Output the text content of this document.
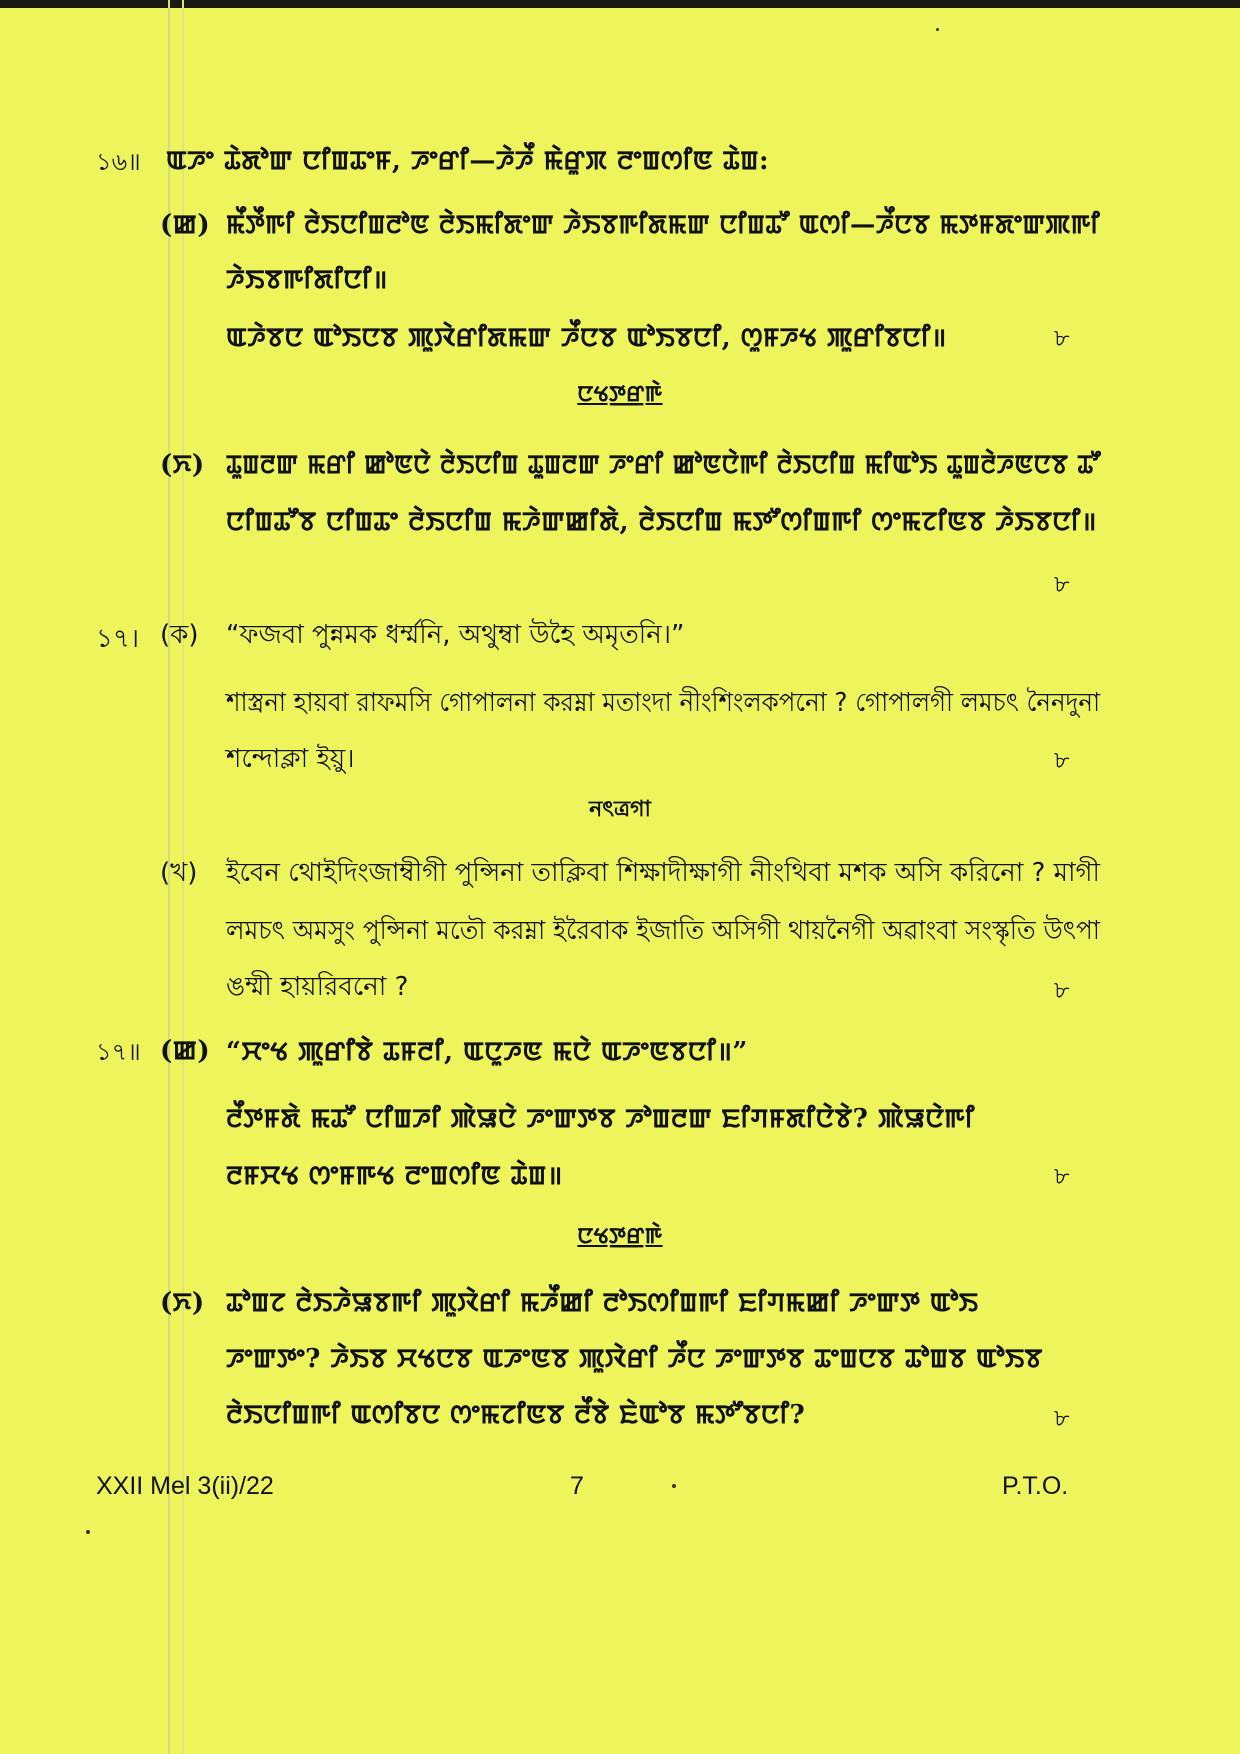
১৬॥ ꯑꯍꯦ ꯊꯥꯗꯣꯛ ꯅꯤꯡꯊꯦꯝ, ꯍꯦꯔꯤ—ꯍꯥꯍꯩ ꯃꯥꯔꯨꯞ ꯂꯦꯡꯁꯤꯟ ꯊꯥꯡ:
(ꯀ) ꯃꯩꯇꯩꯒꯤ ꯂꯥꯏꯅꯤꯡꯂꯣꯟ ꯂꯥꯏꯃꯤꯗꯦꯛ ꯍꯥꯏꯕꯒꯤꯗꯃꯛ ꯅꯤꯡꯊꯧ ꯑꯁꯤ—ꯍꯩꯅꯕ ꯃꯇꯝꯗꯦꯛꯄꯒꯤ
ꯍꯥꯏꯕꯒꯤꯗꯤꯅꯤ॥
ꯑꯍꯥꯕꯅ ꯑꯣꯏꯅꯕ ꯄꯨꯋꯥꯔꯤꯗꯃꯛ ꯍꯩꯅꯕ ꯑꯣꯏꯕꯅꯤ, ꯁꯨꯝꯍꯠ ꯄꯨꯔꯤꯕꯅꯤ॥	৮
ꯅꯠꯇ꯭ꯔꯒꯥ
(ꯈ) ꯊꯨꯡꯂꯛ ꯃꯔꯤ ꯀꯣꯟꯅꯥ ꯂꯥꯏꯅꯤꯡ ꯊꯨꯡꯂꯛ ꯍꯦꯔꯤ ꯀꯣꯟꯅꯥꯒꯤ ꯂꯥꯏꯅꯤꯡ ꯃꯤꯑꯣꯏ ꯊꯨꯡꯂꯥꯍꯟꯅꯕ ꯊꯧ
ꯅꯤꯡꯊꯧꯕ ꯅꯤꯡꯊꯦ ꯂꯥꯏꯅꯤꯡ ꯃꯍꯥꯛꯀꯤꯗꯥ, ꯂꯥꯏꯅꯤꯡ ꯃꯇꯧꯁꯤꯡꯒꯤ ꯁꯦꯃꯖꯤꯟꯕ ꯍꯥꯏꯕꯅꯤ॥
৮
১৭। (ক) “ফজবা পুন্নমক ধর্ম্মনি, অথুম্বা উহৈ অমৃতনি।”
শাস্ত্রনা হায়বা রাফমসি গোপালনা করম্না মতাংদা নীংশিংলকপনো ? গোপালগী লমচৎ নৈনদুনা
শন্দোক্লা ইয়ু।	৮
নৎত্রগা
(খ) ইবেন থোইদিংজাম্বীগী পুন্সিনা তাক্লিবা শিক্ষাদীক্ষাগী নীংথিবা মশক অসি করিনো ? মাগী
লমচৎ অমসুং পুন্সিনা মতৌ করম্না ইরৈবাক ইজাতি অসিগী থায়নৈগী অৱাংবা সংস্কৃতি উৎপা
ঙম্মী হায়রিবনো ?	৮
১৭॥ (ꯀ) “ꯆꯦꯠ ꯄꯨꯔꯤꯕꯥ ꯊꯝꯂꯤ, ꯑꯅꯨꯍꯟ ꯃꯅꯥ ꯑꯍꯦꯟꯕꯅꯤ॥”
ꯂꯩꯇꯝꯗꯥ ꯃꯊꯧ ꯅꯤꯡꯍꯤ ꯄꯥꯎꯅꯥ ꯍꯦꯛꯇꯕ ꯍꯣꯡꯂꯛ ꯐꯤꯚꯝꯗꯤꯅꯥꯕꯥ? ꯄꯥꯎꯅꯥꯒꯤ
ꯂꯝꯆꯠ ꯁꯦꯝꯒꯠ ꯂꯦꯡꯁꯤꯟ ꯊꯥꯡ॥	৮
ꯅꯠꯇ꯭ꯔꯒꯥ
(ꯈ) ꯊꯣꯡꯖ ꯂꯥꯏꯍꯥꯎꯕꯒꯤ ꯄꯨꯋꯥꯔꯤ ꯃꯍꯩꯀꯤ ꯂꯣꯏꯁꯤꯡꯒꯤ ꯐꯤꯚꯃꯀꯤ ꯍꯦꯛꯇ ꯑꯣꯏ
ꯍꯦꯛꯇꯦ? ꯍꯥꯏꯕ ꯆꯠꯅꯕ ꯑꯍꯦꯟꯕ ꯄꯨꯋꯥꯔꯤ ꯍꯩꯅ ꯍꯦꯛꯇꯕ ꯊꯦꯡꯅꯕ ꯊꯣꯡꯕ ꯑꯣꯏꯕ
ꯂꯥꯏꯅꯤꯡꯒꯤ ꯑꯁꯤꯕꯅ ꯁꯦꯃꯖꯤꯟꯕ ꯂꯩꯕꯥ ꯐꯥꯑꯣꯕ ꯃꯇꯧꯕꯅꯤ?	৮
XXII Mel 3(ii)/22	7	P.T.O.
